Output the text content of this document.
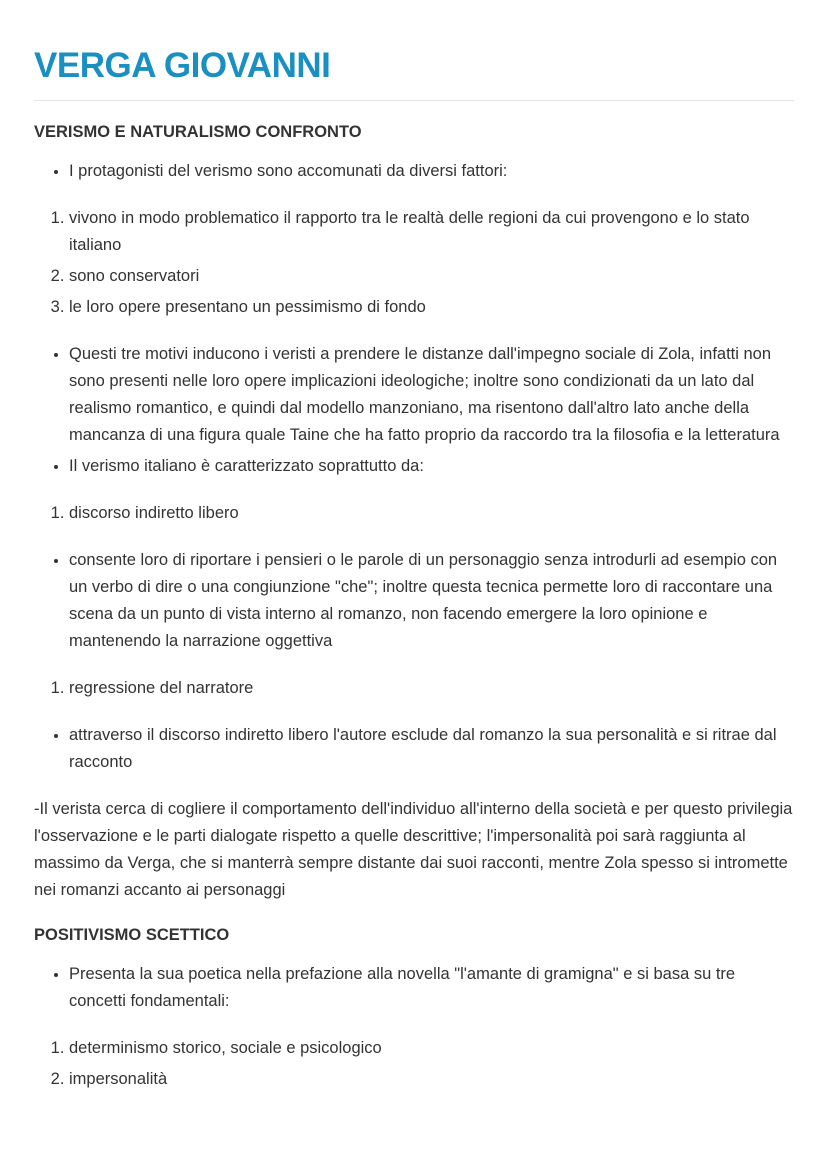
VERGA GIOVANNI
VERISMO E NATURALISMO CONFRONTO
• I protagonisti del verismo sono accomunati da diversi fattori:
1. vivono in modo problematico il rapporto tra le realtà delle regioni da cui provengono e lo stato italiano
2. sono conservatori
3. le loro opere presentano un pessimismo di fondo
• Questi tre motivi inducono i veristi a prendere le distanze dall'impegno sociale di Zola, infatti non sono presenti nelle loro opere implicazioni ideologiche; inoltre sono condizionati da un lato dal realismo romantico, e quindi dal modello manzoniano, ma risentono dall'altro lato anche della mancanza di una figura quale Taine che ha fatto proprio da raccordo tra la filosofia e la letteratura
• Il verismo italiano è caratterizzato soprattutto da:
1. discorso indiretto libero
• consente loro di riportare i pensieri o le parole di un personaggio senza introdurli ad esempio con un verbo di dire o una congiunzione "che"; inoltre questa tecnica permette loro di raccontare una scena da un punto di vista interno al romanzo, non facendo emergere la loro opinione e mantenendo la narrazione oggettiva
1. regressione del narratore
• attraverso il discorso indiretto libero l'autore esclude dal romanzo la sua personalità e si ritrae dal racconto

-Il verista cerca di cogliere il comportamento dell'individuo all'interno della società e per questo privilegia l'osservazione e le parti dialogate rispetto a quelle descrittive; l'impersonalità poi sarà raggiunta al massimo da Verga, che si manterrà sempre distante dai suoi racconti, mentre Zola spesso si intromette nei romanzi accanto ai personaggi

POSITIVISMO SCETTICO
• Presenta la sua poetica nella prefazione alla novella "l'amante di gramigna" e si basa su tre concetti fondamentali:
1. determinismo storico, sociale e psicologico
2. impersonalità
